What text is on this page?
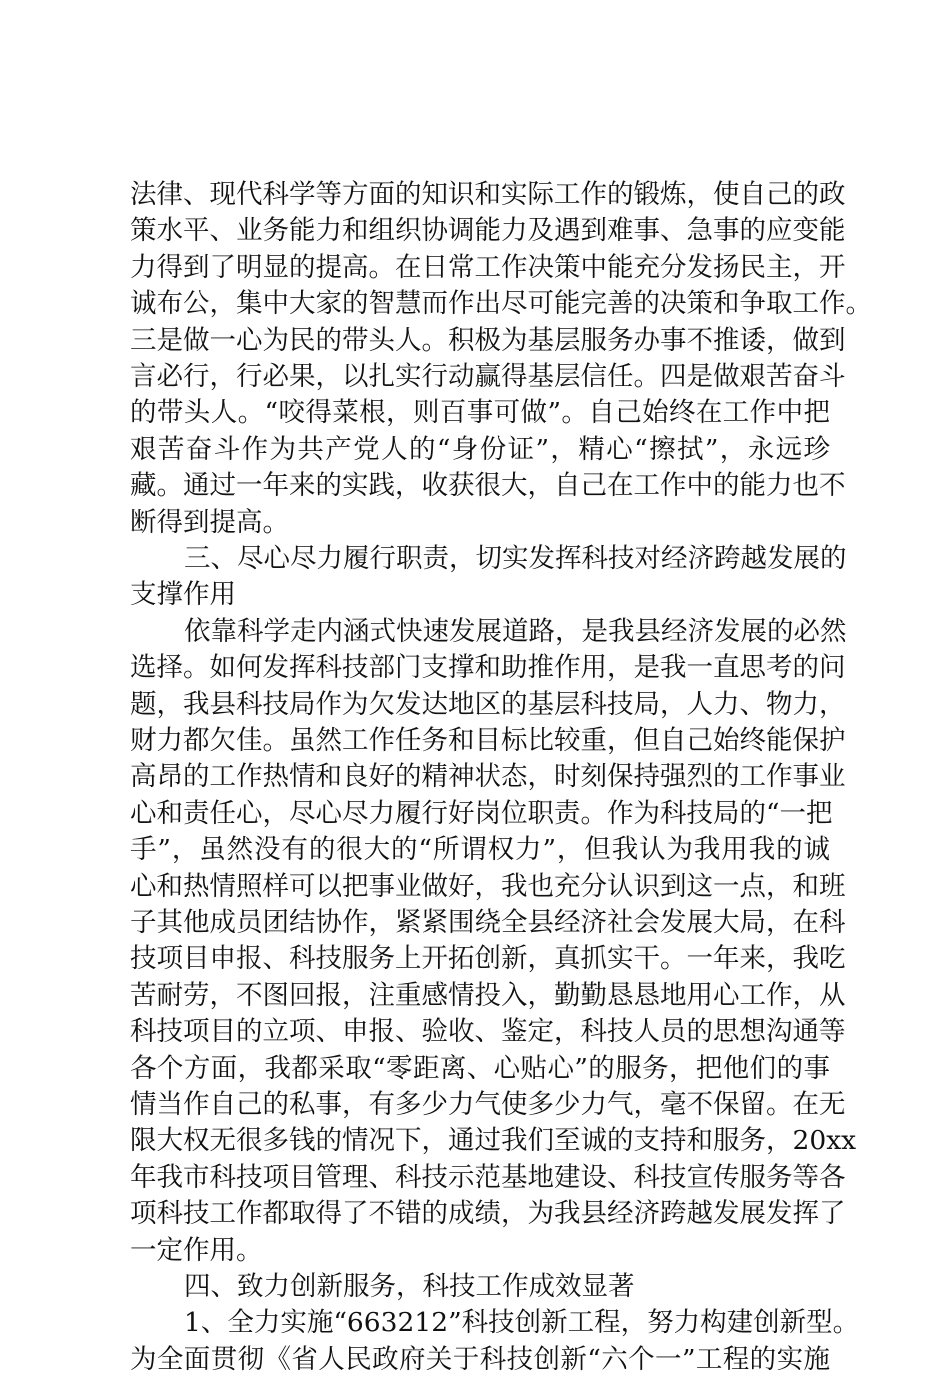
法律、现代科学等方面的知识和实际工作的锻炼，使自己的政
策水平、业务能力和组织协调能力及遇到难事、急事的应变能
力得到了明显的提高。在日常工作决策中能充分发扬民主，开
诚布公，集中大家的智慧而作出尽可能完善的决策和争取工作。
三是做一心为民的带头人。积极为基层服务办事不推诿，做到
言必行，行必果，以扎实行动赢得基层信任。四是做艰苦奋斗
的带头人。“咬得菜根，则百事可做”。自己始终在工作中把
艰苦奋斗作为共产党人的“身份证”，精心“擦拭”，永远珍
藏。通过一年来的实践，收获很大，自己在工作中的能力也不
断得到提高。
三、尽心尽力履行职责，切实发挥科技对经济跨越发展的
支撑作用
依靠科学走内涵式快速发展道路，是我县经济发展的必然
选择。如何发挥科技部门支撑和助推作用，是我一直思考的问
题，我县科技局作为欠发达地区的基层科技局，人力、物力，
财力都欠佳。虽然工作任务和目标比较重，但自己始终能保护
高昂的工作热情和良好的精神状态，时刻保持强烈的工作事业
心和责任心，尽心尽力履行好岗位职责。作为科技局的“一把
手”，虽然没有的很大的“所谓权力”，但我认为我用我的诚
心和热情照样可以把事业做好，我也充分认识到这一点，和班
子其他成员团结协作，紧紧围绕全县经济社会发展大局，在科
技项目申报、科技服务上开拓创新，真抓实干。一年来，我吃
苦耐劳，不图回报，注重感情投入，勤勤恳恳地用心工作，从
科技项目的立项、申报、验收、鉴定，科技人员的思想沟通等
各个方面，我都采取“零距离、心贴心”的服务，把他们的事
情当作自己的私事，有多少力气使多少力气，毫不保留。在无
限大权无很多钱的情况下，通过我们至诚的支持和服务，20xx
年我市科技项目管理、科技示范基地建设、科技宣传服务等各
项科技工作都取得了不错的成绩，为我县经济跨越发展发挥了
一定作用。
四、致力创新服务，科技工作成效显著
1、全力实施“663212”科技创新工程，努力构建创新型。
为全面贯彻《省人民政府关于科技创新“六个一”工程的实施
